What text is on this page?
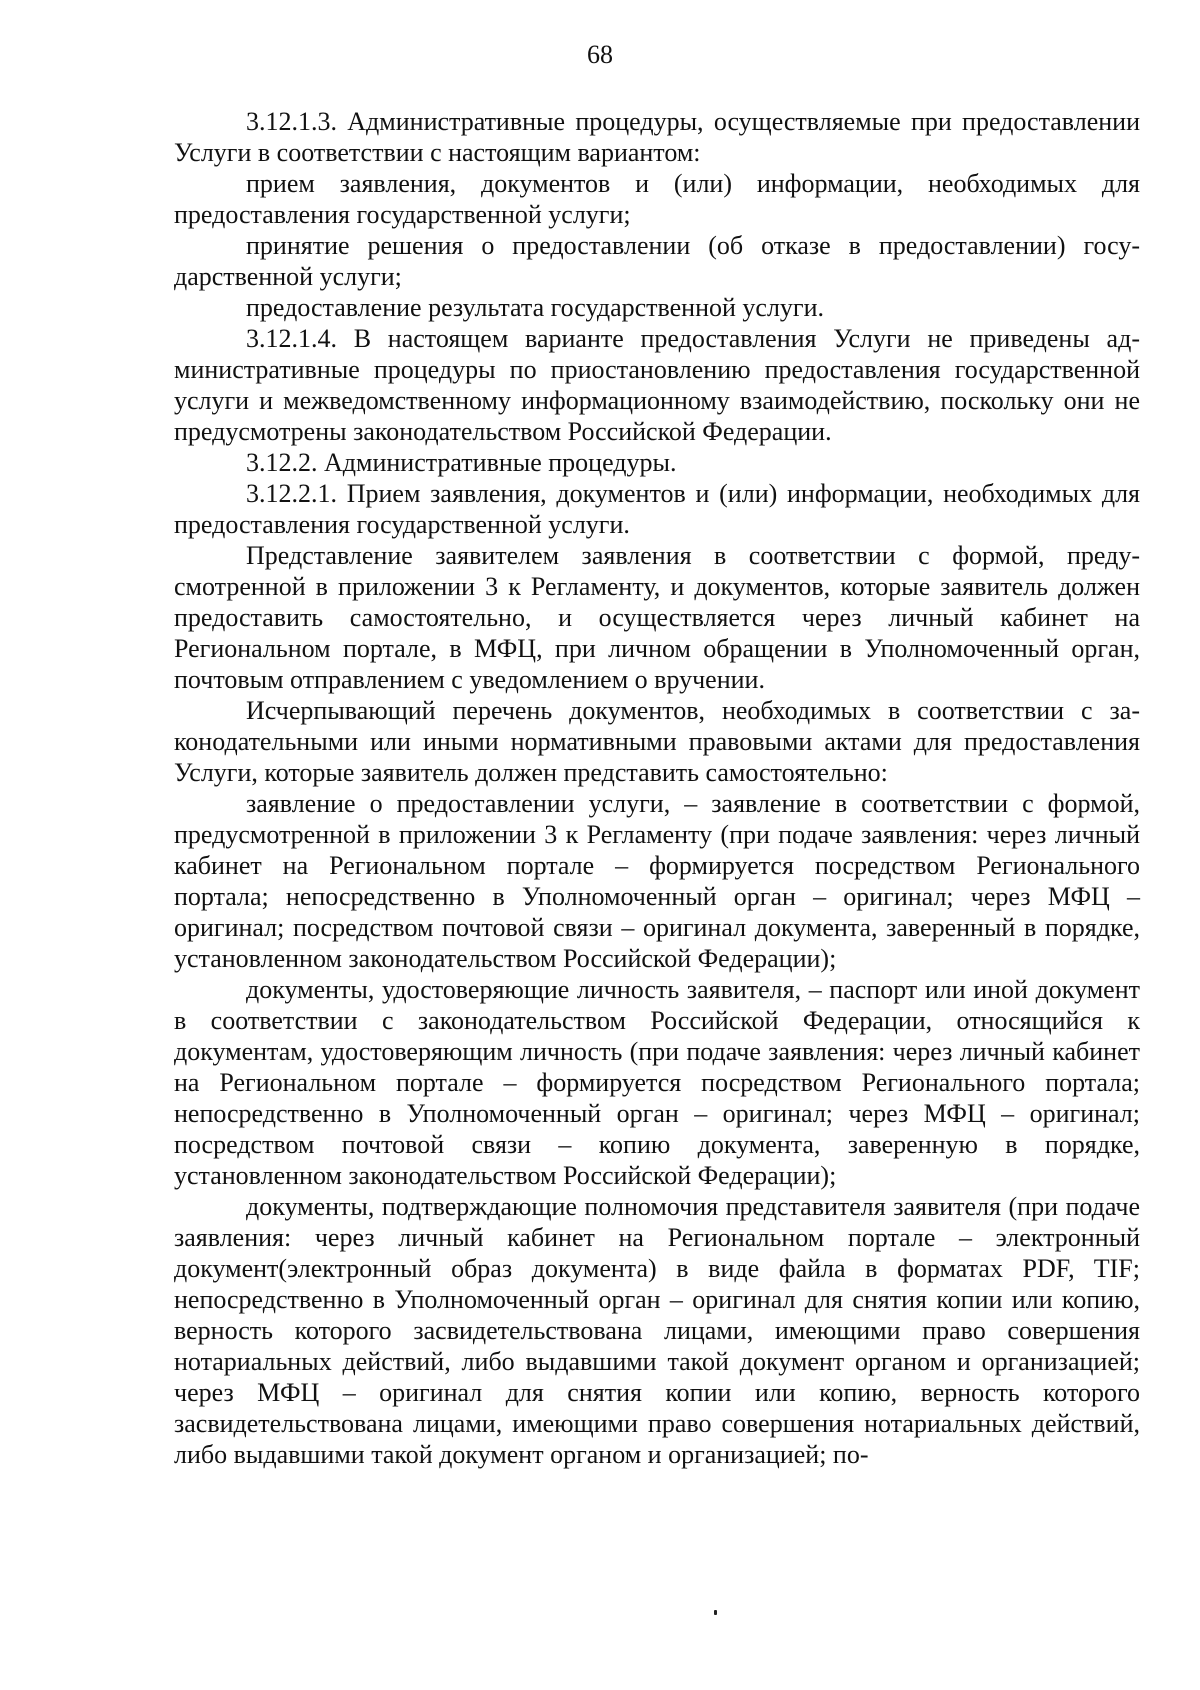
68

3.12.1.3. Административные процедуры, осуществляемые при предоставлении Услуги в соответствии с настоящим вариантом:

прием заявления, документов и (или) информации, необходимых для предоставления государственной услуги;

принятие решения о предоставлении (об отказе в предоставлении) государственной услуги;

предоставление результата государственной услуги.

3.12.1.4. В настоящем варианте предоставления Услуги не приведены административные процедуры по приостановлению предоставления государственной услуги и межведомственному информационному взаимодействию, поскольку они не предусмотрены законодательством Российской Федерации.

3.12.2. Административные процедуры.

3.12.2.1. Прием заявления, документов и (или) информации, необходимых для предоставления государственной услуги.

Представление заявителем заявления в соответствии с формой, предусмотренной в приложении 3 к Регламенту, и документов, которые заявитель должен предоставить самостоятельно, и осуществляется через личный кабинет на Региональном портале, в МФЦ, при личном обращении в Уполномоченный орган, почтовым отправлением с уведомлением о вручении.

Исчерпывающий перечень документов, необходимых в соответствии с законодательными или иными нормативными правовыми актами для предоставления Услуги, которые заявитель должен представить самостоятельно:

заявление о предоставлении услуги, – заявление в соответствии с формой, предусмотренной в приложении 3 к Регламенту (при подаче заявления: через личный кабинет на Региональном портале – формируется посредством Регионального портала; непосредственно в Уполномоченный орган – оригинал; через МФЦ – оригинал; посредством почтовой связи – оригинал документа, заверенный в порядке, установленном законодательством Российской Федерации);

документы, удостоверяющие личность заявителя, – паспорт или иной документ в соответствии с законодательством Российской Федерации, относящийся к документам, удостоверяющим личность (при подаче заявления: через личный кабинет на Региональном портале – формируется посредством Регионального портала; непосредственно в Уполномоченный орган – оригинал; через МФЦ – оригинал; посредством почтовой связи – копию документа, заверенную в порядке, установленном законодательством Российской Федерации);

документы, подтверждающие полномочия представителя заявителя (при подаче заявления: через личный кабинет на Региональном портале – электронный документ(электронный образ документа) в виде файла в форматах PDF, TIF; непосредственно в Уполномоченный орган – оригинал для снятия копии или копию, верность которого засвидетельствована лицами, имеющими право совершения нотариальных действий, либо выдавшими такой документ органом и организацией; через МФЦ – оригинал для снятия копии или копию, верность которого засвидетельствована лицами, имеющими право совершения нотариальных действий, либо выдавшими такой документ органом и организацией; по-
